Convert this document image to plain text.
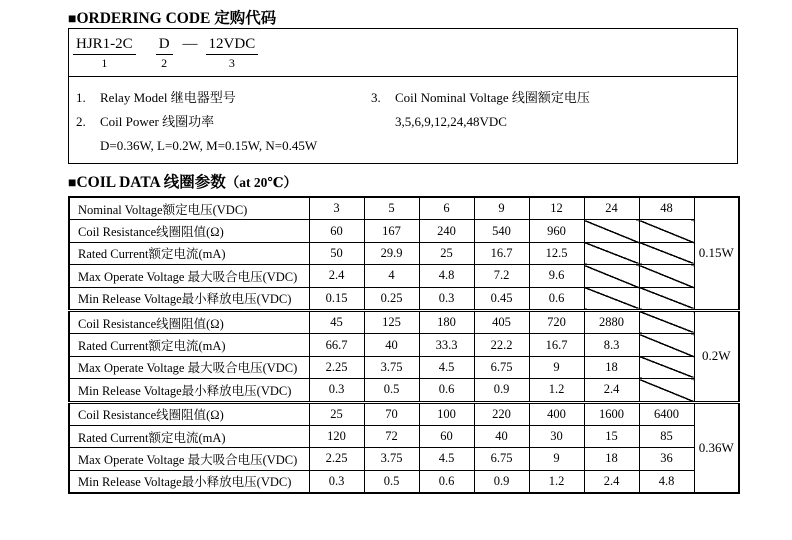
■ORDERING CODE 定购代码
HJR1-2C
1
D
2
— 12VDC
3
1. Relay Model 继电器型号
2. Coil Power 线圈功率
D=0.36W, L=0.2W, M=0.15W, N=0.45W
3. Coil Nominal Voltage 线圈额定电压
3,5,6,9,12,24,48VDC
■COIL DATA 线圈参数（at 20℃）
Nominal Voltage额定电压(VDC)	3	5	6	9	12	24	48	0.15W
Coil Resistance线圈阻值(Ω)	60	167	240	540	960			
Rated Current额定电流(mA)	50	29.9	25	16.7	12.5			
Max Operate Voltage 最大吸合电压(VDC)	2.4	4	4.8	7.2	9.6			
Min Release Voltage最小释放电压(VDC)	0.15	0.25	0.3	0.45	0.6			
Coil Resistance线圈阻值(Ω)	45	125	180	405	720	2880		0.2W
Rated Current额定电流(mA)	66.7	40	33.3	22.2	16.7	8.3		
Max Operate Voltage 最大吸合电压(VDC)	2.25	3.75	4.5	6.75	9	18		
Min Release Voltage最小释放电压(VDC)	0.3	0.5	0.6	0.9	1.2	2.4		
Coil Resistance线圈阻值(Ω)	25	70	100	220	400	1600	6400	0.36W
Rated Current额定电流(mA)	120	72	60	40	30	15	85	
Max Operate Voltage 最大吸合电压(VDC)	2.25	3.75	4.5	6.75	9	18	36	
Min Release Voltage最小释放电压(VDC)	0.3	0.5	0.6	0.9	1.2	2.4	4.8	
